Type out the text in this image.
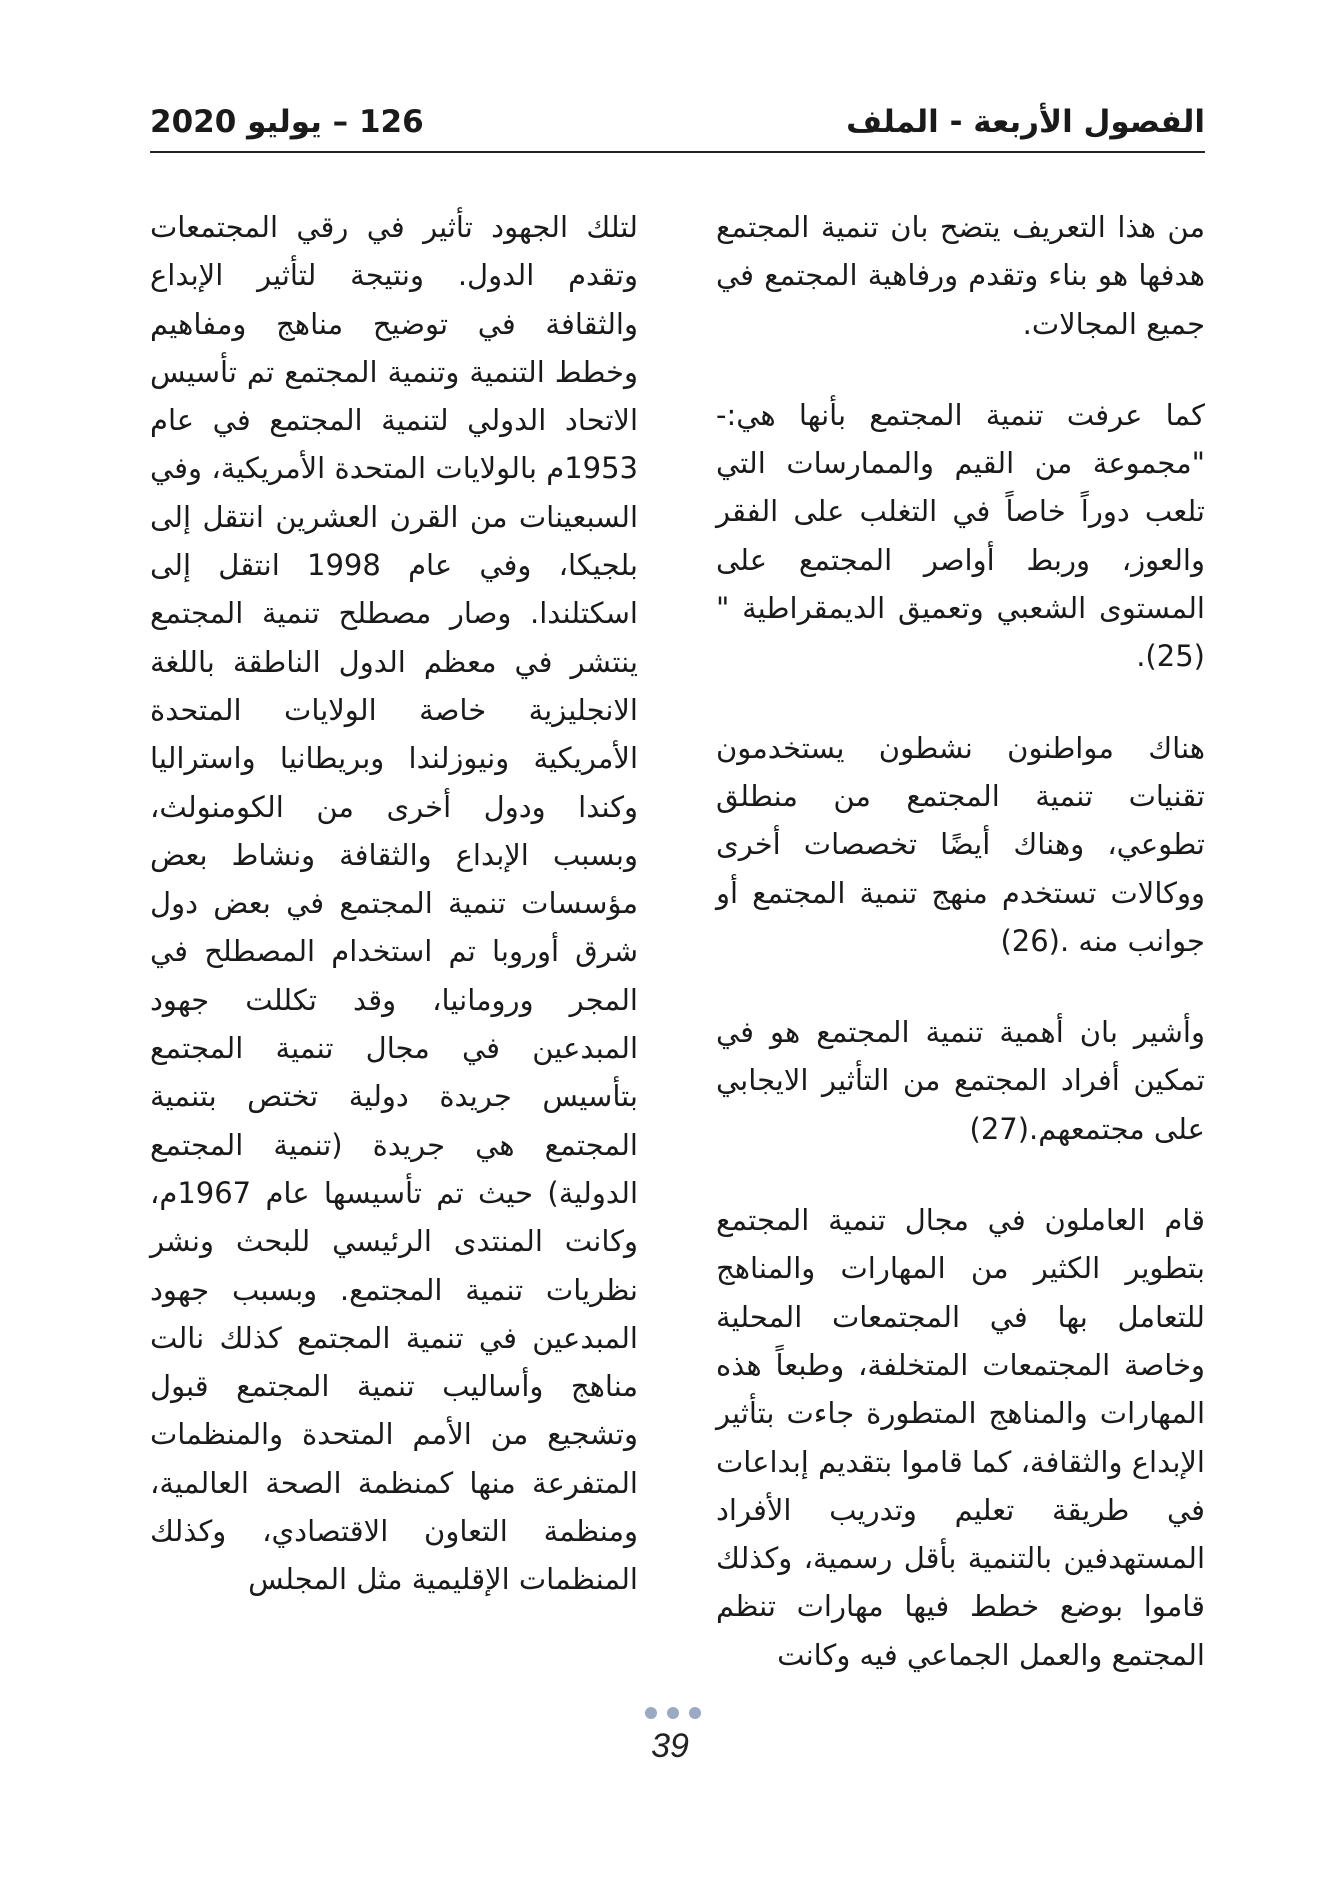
الفصول الأربعة - الملف
126 – يوليو 2020

من هذا التعريف يتضح بان تنمية المجتمع هدفها هو بناء وتقدم ورفاهية المجتمع في جميع المجالات.

كما عرفت تنمية المجتمع بأنها هي:- "مجموعة من القيم والممارسات التي تلعب دوراً خاصاً في التغلب على الفقر والعوز، وربط أواصر المجتمع على المستوى الشعبي وتعميق الديمقراطية " (25).

هناك مواطنون نشطون يستخدمون تقنيات تنمية المجتمع من منطلق تطوعي، وهناك أيضًا تخصصات أخرى ووكالات تستخدم منهج تنمية المجتمع أو جوانب منه .(26)

وأشير بان أهمية تنمية المجتمع هو في تمكين أفراد المجتمع من التأثير الايجابي على مجتمعهم.(27)

قام العاملون في مجال تنمية المجتمع بتطوير الكثير من المهارات والمناهج للتعامل بها في المجتمعات المحلية وخاصة المجتمعات المتخلفة، وطبعاً هذه المهارات والمناهج المتطورة جاءت بتأثير الإبداع والثقافة، كما قاموا بتقديم إبداعات في طريقة تعليم وتدريب الأفراد المستهدفين بالتنمية بأقل رسمية، وكذلك قاموا بوضع خطط فيها مهارات تنظم المجتمع والعمل الجماعي فيه وكانت

لتلك الجهود تأثير في رقي المجتمعات وتقدم الدول. ونتيجة لتأثير الإبداع والثقافة في توضيح مناهج ومفاهيم وخطط التنمية وتنمية المجتمع تم تأسيس الاتحاد الدولي لتنمية المجتمع في عام 1953م بالولايات المتحدة الأمريكية، وفي السبعينات من القرن العشرين انتقل إلى بلجيكا، وفي عام 1998 انتقل إلى اسكتلندا. وصار مصطلح تنمية المجتمع ينتشر في معظم الدول الناطقة باللغة الانجليزية خاصة الولايات المتحدة الأمريكية ونيوزلندا وبريطانيا واستراليا وكندا ودول أخرى من الكومنولث، وبسبب الإبداع والثقافة ونشاط بعض مؤسسات تنمية المجتمع في بعض دول شرق أوروبا تم استخدام المصطلح في المجر ورومانيا، وقد تكللت جهود المبدعين في مجال تنمية المجتمع بتأسيس جريدة دولية تختص بتنمية المجتمع هي جريدة (تنمية المجتمع الدولية) حيث تم تأسيسها عام 1967م، وكانت المنتدى الرئيسي للبحث ونشر نظريات تنمية المجتمع. وبسبب جهود المبدعين في تنمية المجتمع كذلك نالت مناهج وأساليب تنمية المجتمع قبول وتشجيع من الأمم المتحدة والمنظمات المتفرعة منها كمنظمة الصحة العالمية، ومنظمة التعاون الاقتصادي، وكذلك المنظمات الإقليمية مثل المجلس

39
